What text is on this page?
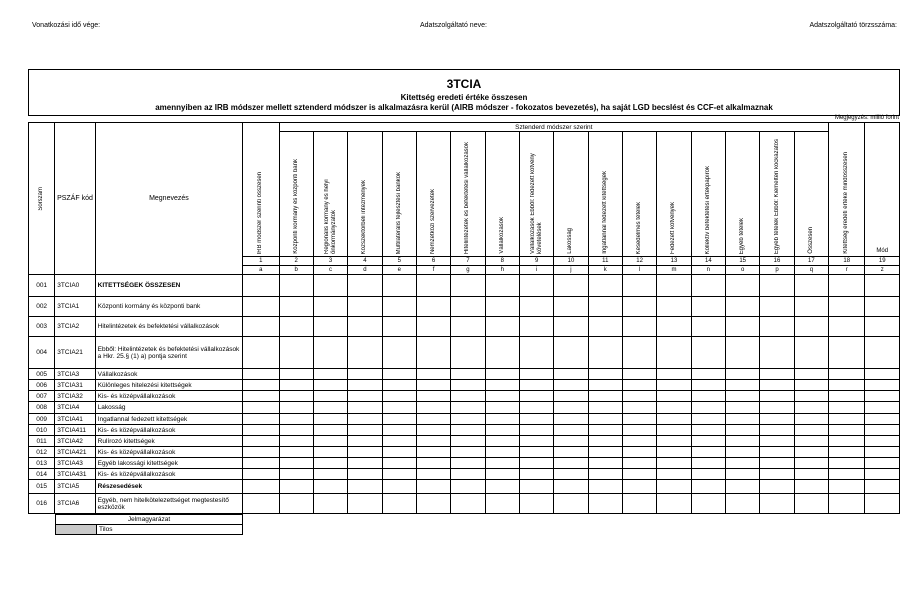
Vonatkozási idő vége:	Adatszolgáltató neve:	Adatszolgáltató törzsszáma:
3TCIA
Kitettség eredeti értéke összesen
amennyiben az IRB módszer mellett sztenderd módszer is alkalmazásra kerül (AIRB módszer - fokozatos bevezetés), ha saját LGD becslést és CCF-et alkalmaznak
Megjegyzés: millió forint
Sorszám	PSZÁF kód	Megnevezés	IRB módszer szerinti összesen	Sztenderd módszer szerint																Kitettség eredeti értéke mindösszesen	Mód

				Központi kormány és központi bank	Regionális kormány és helyi önkormányzatok	Közszektorbeli intézmények	Multilaterális fejlesztési bankok	Nemzetközi szervezetek	Hitelintézetek és befektetési vállalkozások	Vállalkozások	Vállalkozások Ebből: fedezett kötvény követelések	Lakosság	Ingatlannal fedezett kitettségek	Késedelmes tételek	Fedezett kötvények	Kollektív befektetési értékpapírok	Egyéb tételek	Egyéb tételek Ebből: Kiemelten kockázatos	Összesen		

			1	2	3	4	5	6	7	8	9	10	11	12	13	14	15	16	17	18	19
			a	b	c	d	e	f	g	h	i	j	k	l	m	n	o	p	q	r	z
001	3TCIA0	KITETTSÉGEK ÖSSZESEN																			
002	3TCIA1	Központi kormány és központi bank																			
003	3TCIA2	Hitelintézetek és befektetési vállalkozások																			
004	3TCIA21	Ebből: Hitelintézetek és befektetési vállalkozások a Hkr. 25.§ (1) a) pontja szerint																			
005	3TCIA3	Vállalkozások																			
006	3TCIA31	Különleges hitelezési kitettségek																			
007	3TCIA32	Kis- és középvállalkozások																			
008	3TCIA4	Lakosság																			
009	3TCIA41	Ingatlannal fedezett kitettségek																			
010	3TCIA411	Kis- és középvállalkozások																			
011	3TCIA42	Rulírozó kitettségek																			
012	3TCIA421	Kis- és középvállalkozások																			
013	3TCIA43	Egyéb lakossági kitettségek																			
014	3TCIA431	Kis- és középvállalkozások																			
015	3TCIA5	Részesedések																			
016	3TCIA6	Egyéb, nem hitelkötelezettséget megtestesítő eszközök																			
Jelmagyarázat
	Tilos
